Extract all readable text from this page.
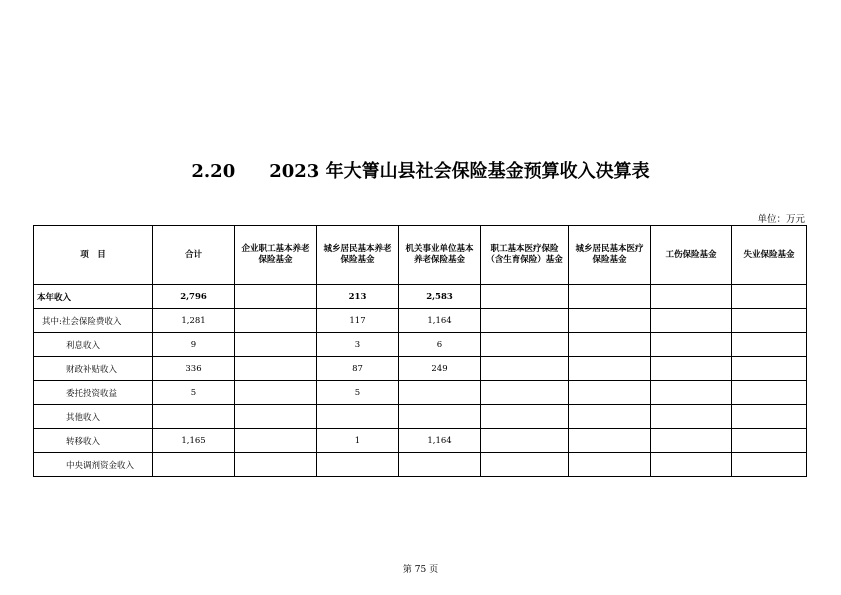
2.20 2023 年大箐山县社会保险基金预算收入决算表
单位：万元
项　目	合计	企业职工基本养老保险基金	城乡居民基本养老保险基金	机关事业单位基本养老保险基金	职工基本医疗保险（含生育保险）基金	城乡居民基本医疗保险基金	工伤保险基金	失业保险基金
本年收入	2,796		213	2,583				
其中:社会保险费收入	1,281		117	1,164				
利息收入	9		3	6				
财政补贴收入	336		87	249				
委托投资收益	5		5					
其他收入								
转移收入	1,165		1	1,164				
中央调剂资金收入								
第 75 页
